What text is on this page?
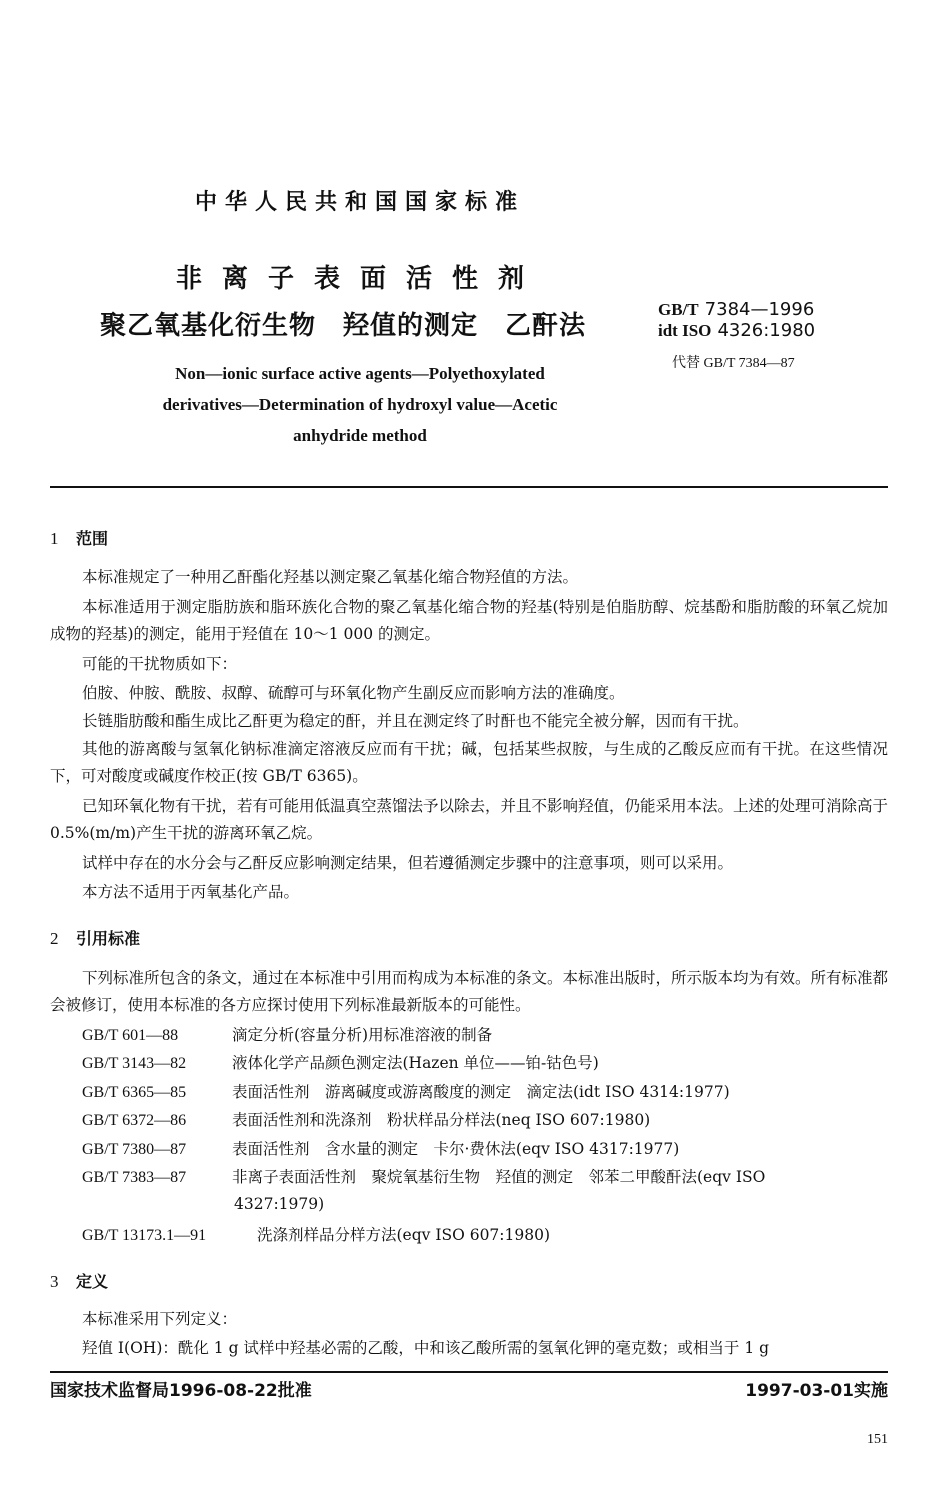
中华人民共和国国家标准
非离子表面活性剂
聚乙氧基化衍生物　羟值的测定　乙酐法
GB/T 7384—1996
idt ISO 4326:1980
代替 GB/T 7384—87
Non—ionic surface active agents—Polyethoxylated derivatives—Determination of hydroxyl value—Acetic anhydride method
1 范围
本标准规定了一种用乙酐酯化羟基以测定聚乙氧基化缩合物羟值的方法。
本标准适用于测定脂肪族和脂环族化合物的聚乙氧基化缩合物的羟基(特别是伯脂肪醇、烷基酚和脂肪酸的环氧乙烷加成物的羟基)的测定，能用于羟值在 10～1 000 的测定。
可能的干扰物质如下：
伯胺、仲胺、酰胺、叔醇、硫醇可与环氧化物产生副反应而影响方法的准确度。
长链脂肪酸和酯生成比乙酐更为稳定的酐，并且在测定终了时酐也不能完全被分解，因而有干扰。
其他的游离酸与氢氧化钠标准滴定溶液反应而有干扰；碱，包括某些叔胺，与生成的乙酸反应而有干扰。在这些情况下，可对酸度或碱度作校正(按 GB/T 6365)。
已知环氧化物有干扰，若有可能用低温真空蒸馏法予以除去，并且不影响羟值，仍能采用本法。上述的处理可消除高于 0.5%(m/m)产生干扰的游离环氧乙烷。
试样中存在的水分会与乙酐反应影响测定结果，但若遵循测定步骤中的注意事项，则可以采用。
本方法不适用于丙氧基化产品。
2 引用标准
下列标准所包含的条文，通过在本标准中引用而构成为本标准的条文。本标准出版时，所示版本均为有效。所有标准都会被修订，使用本标准的各方应探讨使用下列标准最新版本的可能性。
GB/T 601—88	滴定分析(容量分析)用标准溶液的制备
GB/T 3143—82	液体化学产品颜色测定法(Hazen 单位——铂-钴色号)
GB/T 6365—85	表面活性剂　游离碱度或游离酸度的测定　滴定法(idt ISO 4314:1977)
GB/T 6372—86	表面活性剂和洗涤剂　粉状样品分样法(neq ISO 607:1980)
GB/T 7380—87	表面活性剂　含水量的测定　卡尔·费休法(eqv ISO 4317:1977)
GB/T 7383—87	非离子表面活性剂　聚烷氧基衍生物　羟值的测定　邻苯二甲酸酐法(eqv ISO
4327:1979)
GB/T 13173.1—91	洗涤剂样品分样方法(eqv ISO 607:1980)
3 定义
本标准采用下列定义：
羟值 I(OH)：酰化 1 g 试样中羟基必需的乙酸，中和该乙酸所需的氢氧化钾的毫克数；或相当于 1 g
国家技术监督局1996-08-22批准	1997-03-01实施
151
